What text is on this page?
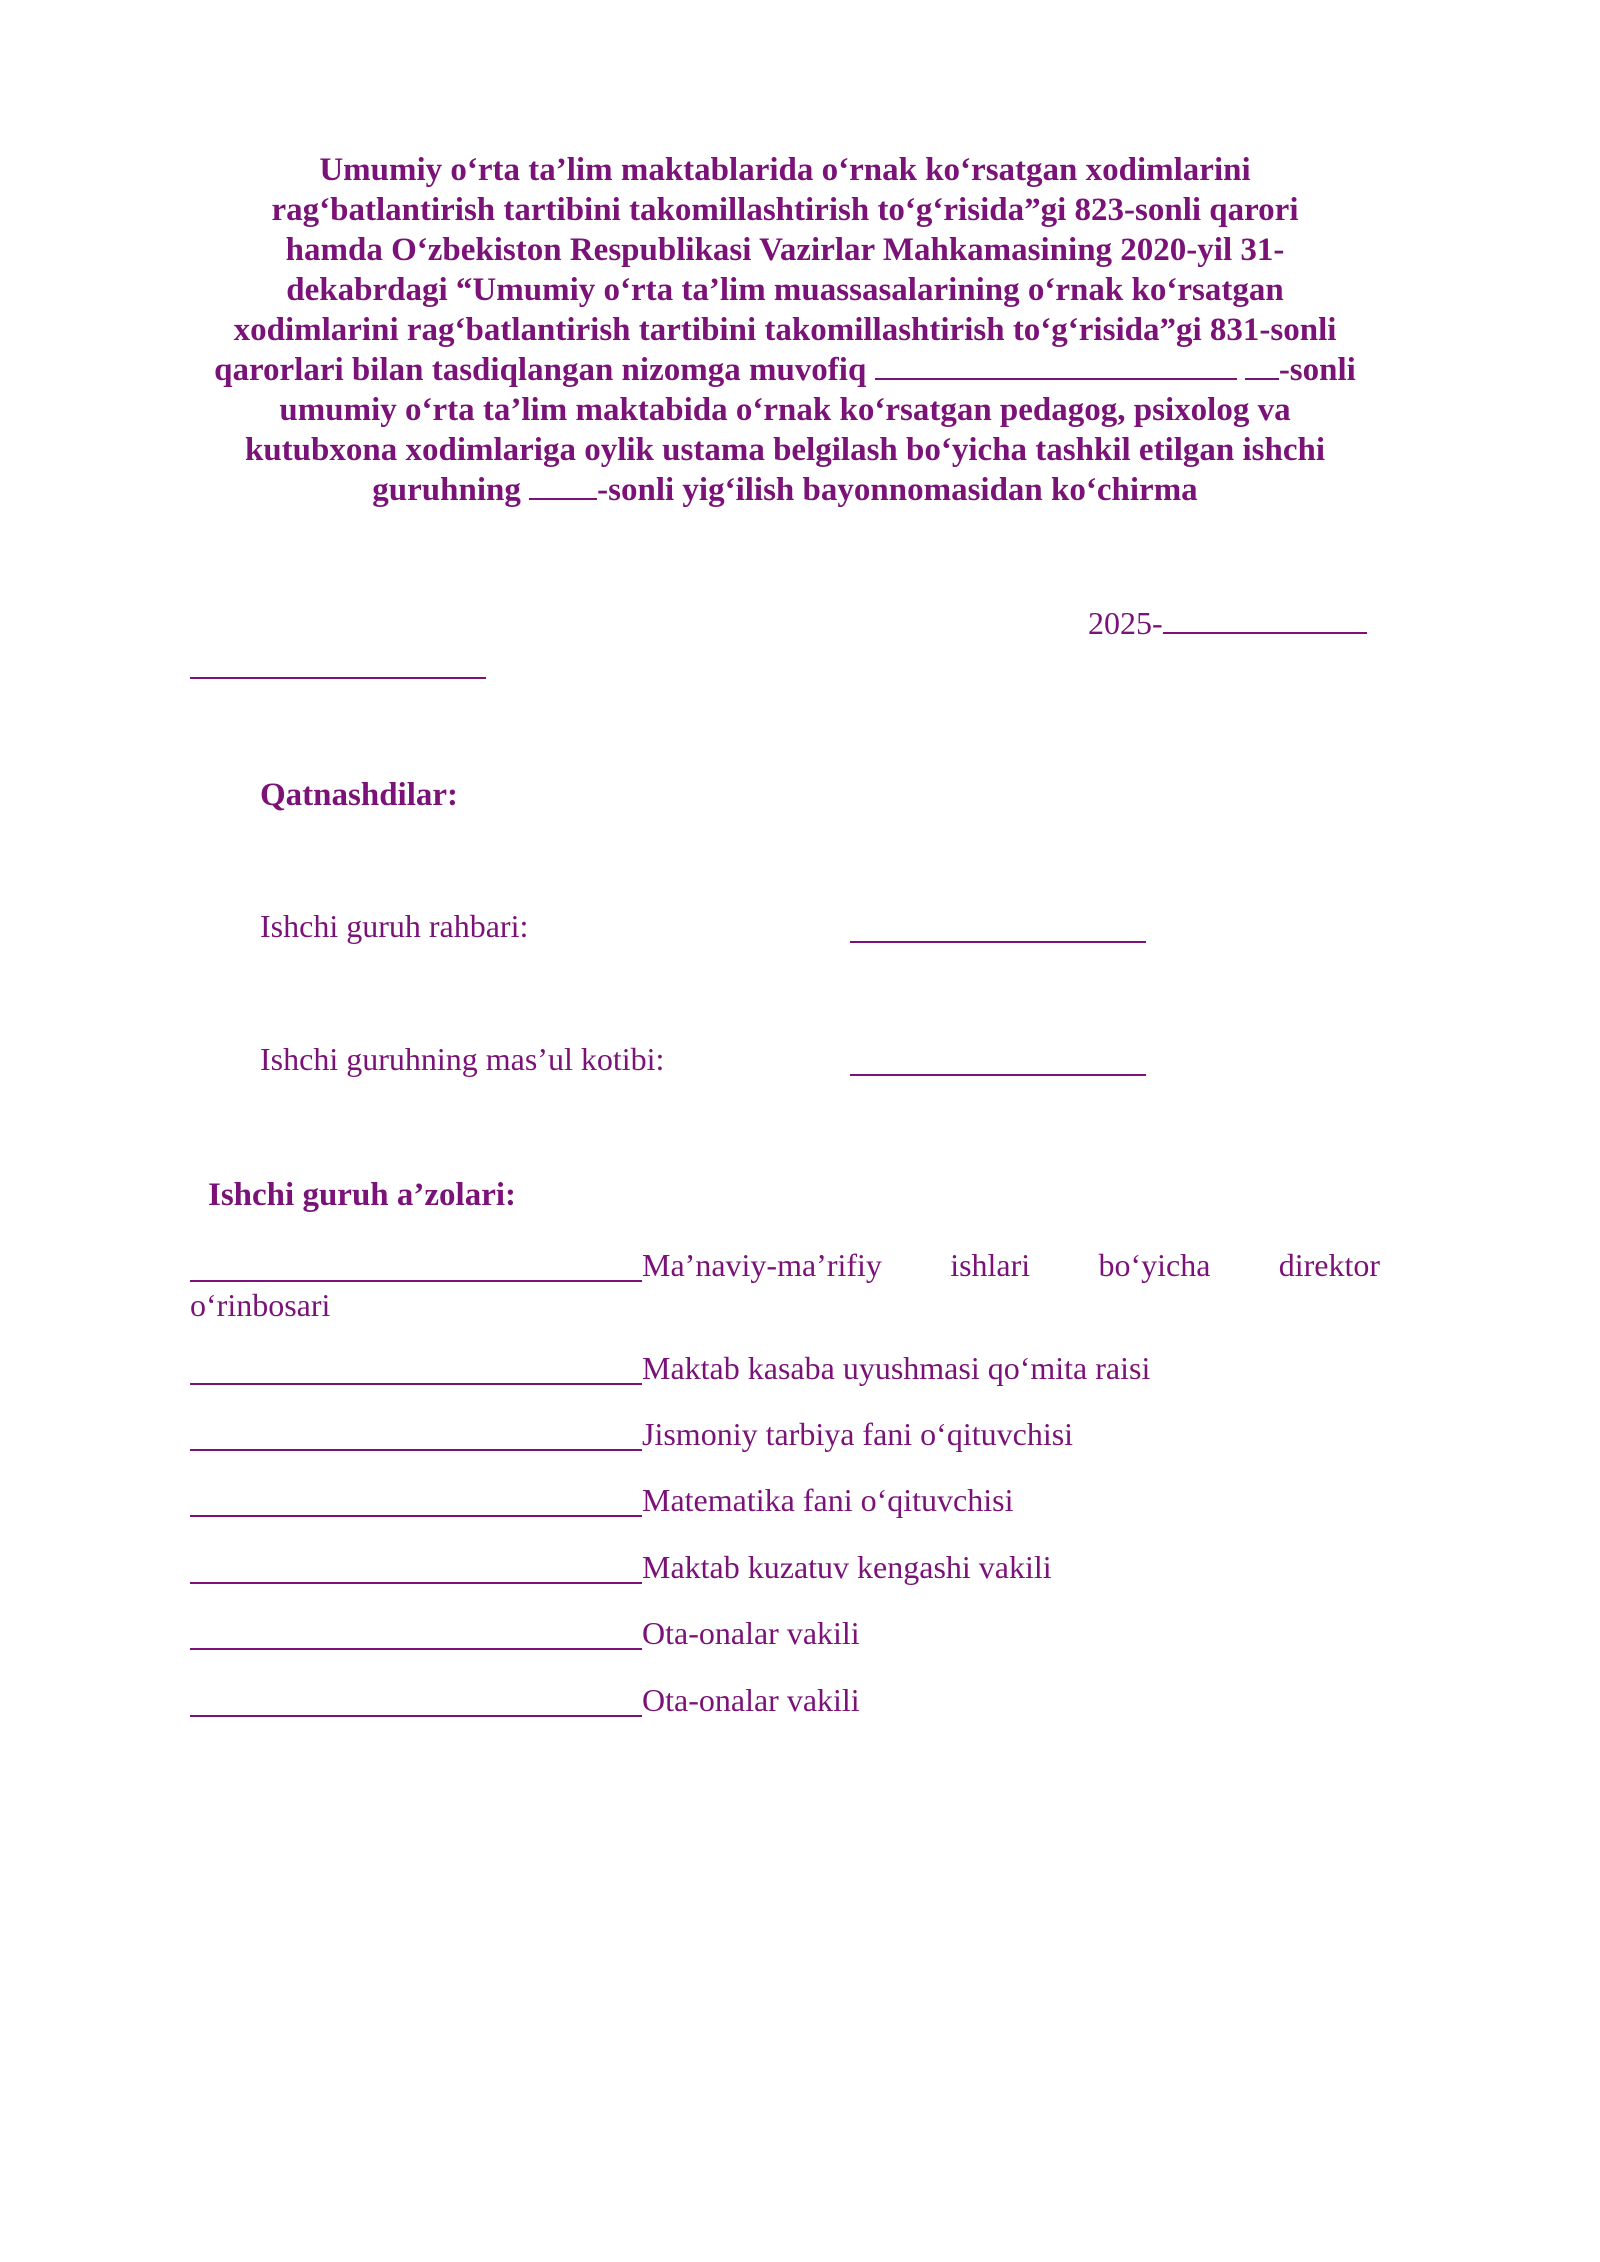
Umumiy o‘rta ta’lim maktablarida o‘rnak ko‘rsatgan xodimlarini
rag‘batlantirish tartibini takomillashtirish to‘g‘risida”gi 823-sonli qarori
hamda O‘zbekiston Respublikasi Vazirlar Mahkamasining 2020-yil 31-
dekabrdagi “Umumiy o‘rta ta’lim muassasalarining o‘rnak ko‘rsatgan
xodimlarini rag‘batlantirish tartibini takomillashtirish to‘g‘risida”gi 831-sonli
qarorlari bilan tasdiqlangan nizomga muvofiq	-sonli
umumiy o‘rta ta’lim maktabida o‘rnak ko‘rsatgan pedagog, psixolog va
kutubxona xodimlariga oylik ustama belgilash bo‘yicha tashkil etilgan ishchi
guruhning -sonli yig‘ilish bayonnomasidan ko‘chirma
2025-
Qatnashdilar:
Ishchi guruh rahbari:
Ishchi guruhning mas’ul kotibi:
Ishchi guruh a’zolari:
Ma’naviy-ma’rifiy ishlari bo‘yicha direktor
o‘rinbosari
Maktab kasaba uyushmasi qo‘mita raisi
Jismoniy tarbiya fani o‘qituvchisi
Matematika fani o‘qituvchisi
Maktab kuzatuv kengashi vakili
Ota-onalar vakili
Ota-onalar vakili
